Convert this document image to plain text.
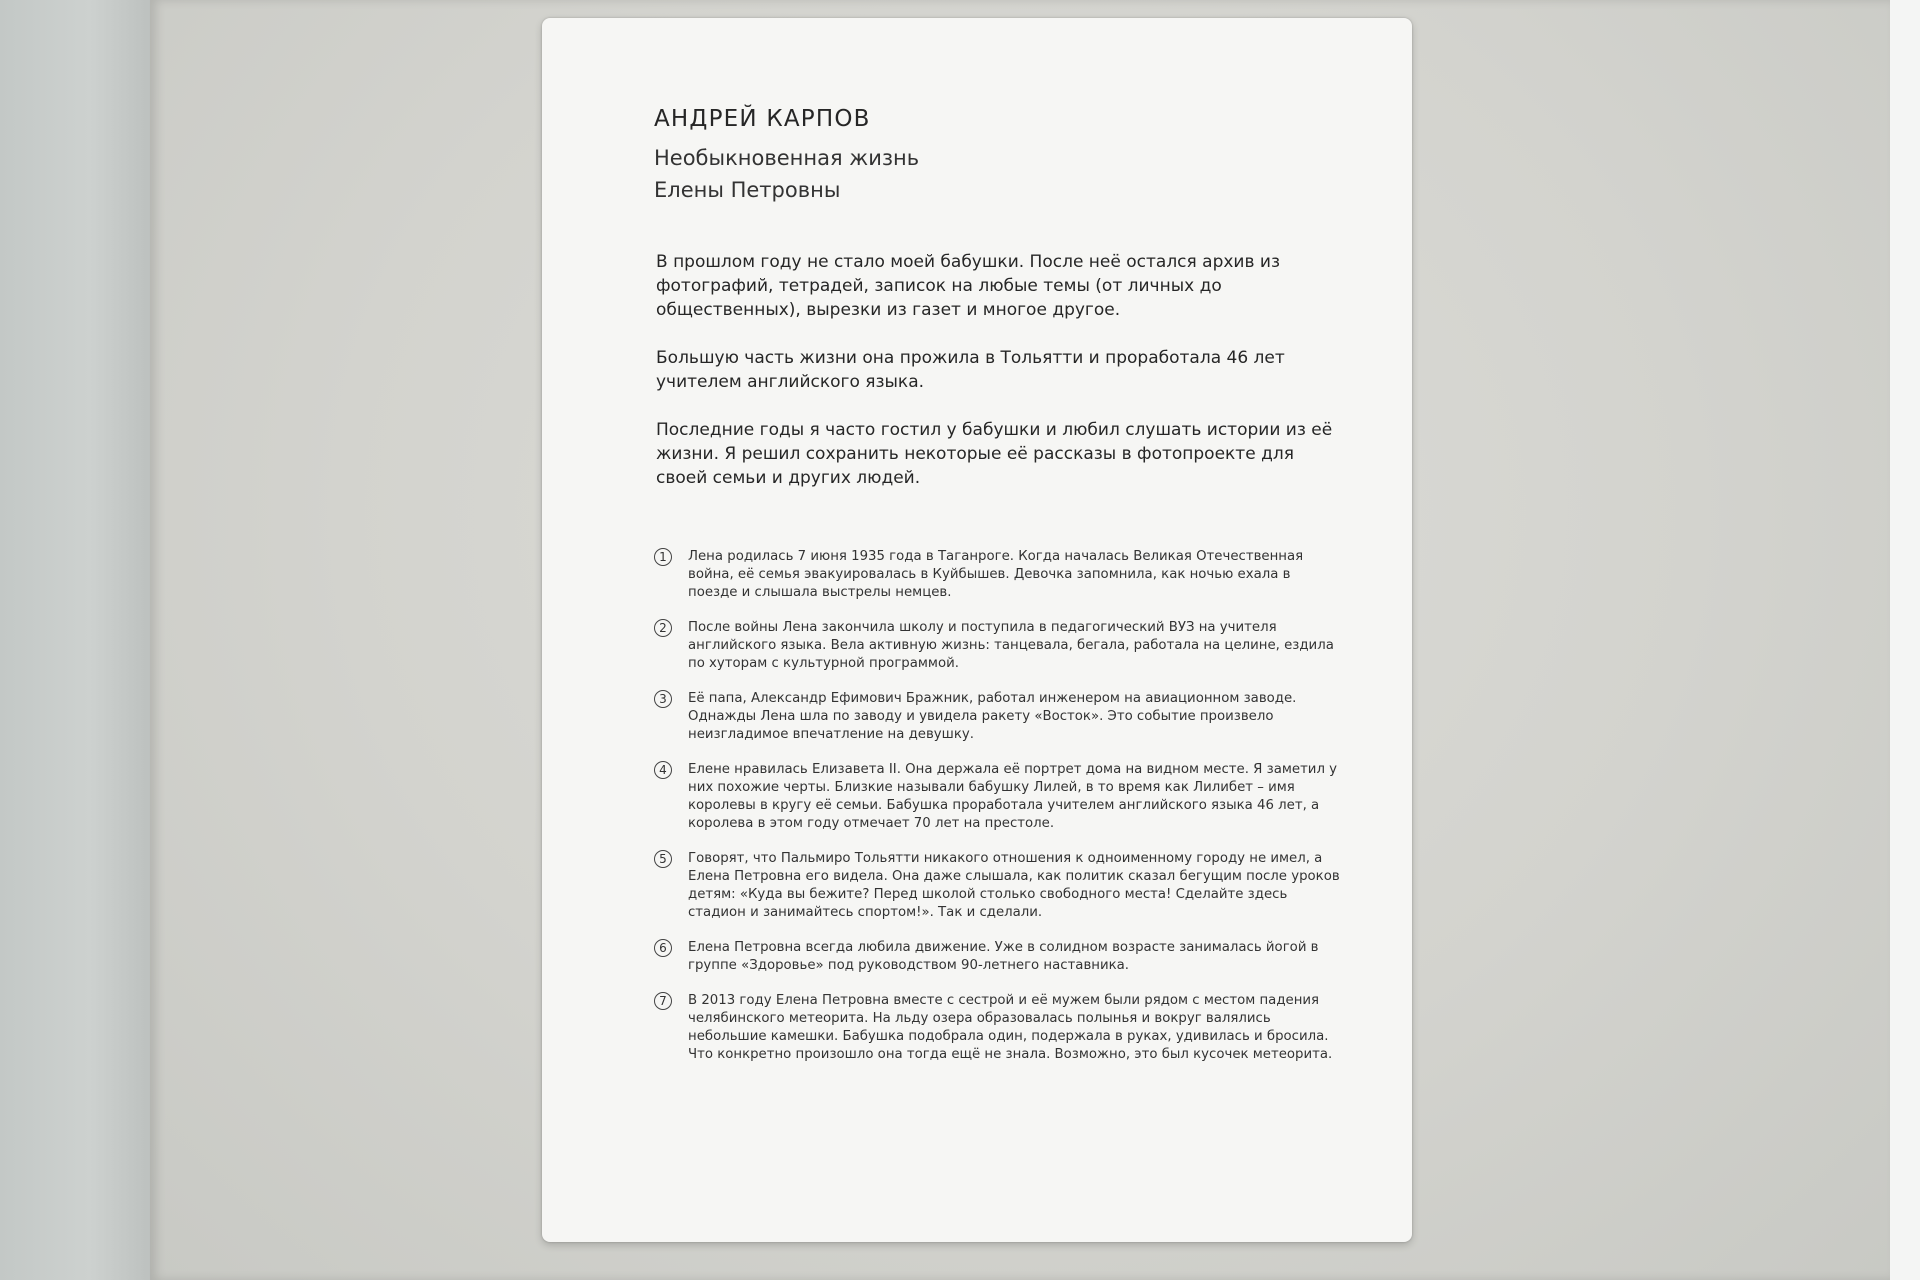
АНДРЕЙ КАРПОВ
Необыкновенная жизнь
Елены Петровны

В прошлом году не стало моей бабушки. После неё остался архив из фотографий, тетрадей, записок на любые темы (от личных до общественных), вырезки из газет и многое другое.

Большую часть жизни она прожила в Тольятти и проработала 46 лет учителем английского языка.

Последние годы я часто гостил у бабушки и любил слушать истории из её жизни. Я решил сохранить некоторые её рассказы в фотопроекте для своей семьи и других людей.

1	Лена родилась 7 июня 1935 года в Таганроге. Когда началась Великая Отечественная война, её семья эвакуировалась в Куйбышев. Девочка запомнила, как ночью ехала в поезде и слышала выстрелы немцев.
2	После войны Лена закончила школу и поступила в педагогический ВУЗ на учителя английского языка. Вела активную жизнь: танцевала, бегала, работала на целине, ездила по хуторам с культурной программой.
3	Её папа, Александр Ефимович Бражник, работал инженером на авиационном заводе. Однажды Лена шла по заводу и увидела ракету «Восток». Это событие произвело неизгладимое впечатление на девушку.
4	Елене нравилась Елизавета II. Она держала её портрет дома на видном месте. Я заметил у них похожие черты. Близкие называли бабушку Лилей, в то время как Лилибет – имя королевы в кругу её семьи. Бабушка проработала учителем английского языка 46 лет, а королева в этом году отмечает 70 лет на престоле.
5	Говорят, что Пальмиро Тольятти никакого отношения к одноименному городу не имел, а Елена Петровна его видела. Она даже слышала, как политик сказал бегущим после уроков детям: «Куда вы бежите? Перед школой столько свободного места! Сделайте здесь стадион и занимайтесь спортом!». Так и сделали.
6	Елена Петровна всегда любила движение. Уже в солидном возрасте занималась йогой в группе «Здоровье» под руководством 90-летнего наставника.
7	В 2013 году Елена Петровна вместе с сестрой и её мужем были рядом с местом падения челябинского метеорита. На льду озера образовалась полынья и вокруг валялись небольшие камешки. Бабушка подобрала один, подержала в руках, удивилась и бросила. Что конкретно произошло она тогда ещё не знала. Возможно, это был кусочек метеорита.
